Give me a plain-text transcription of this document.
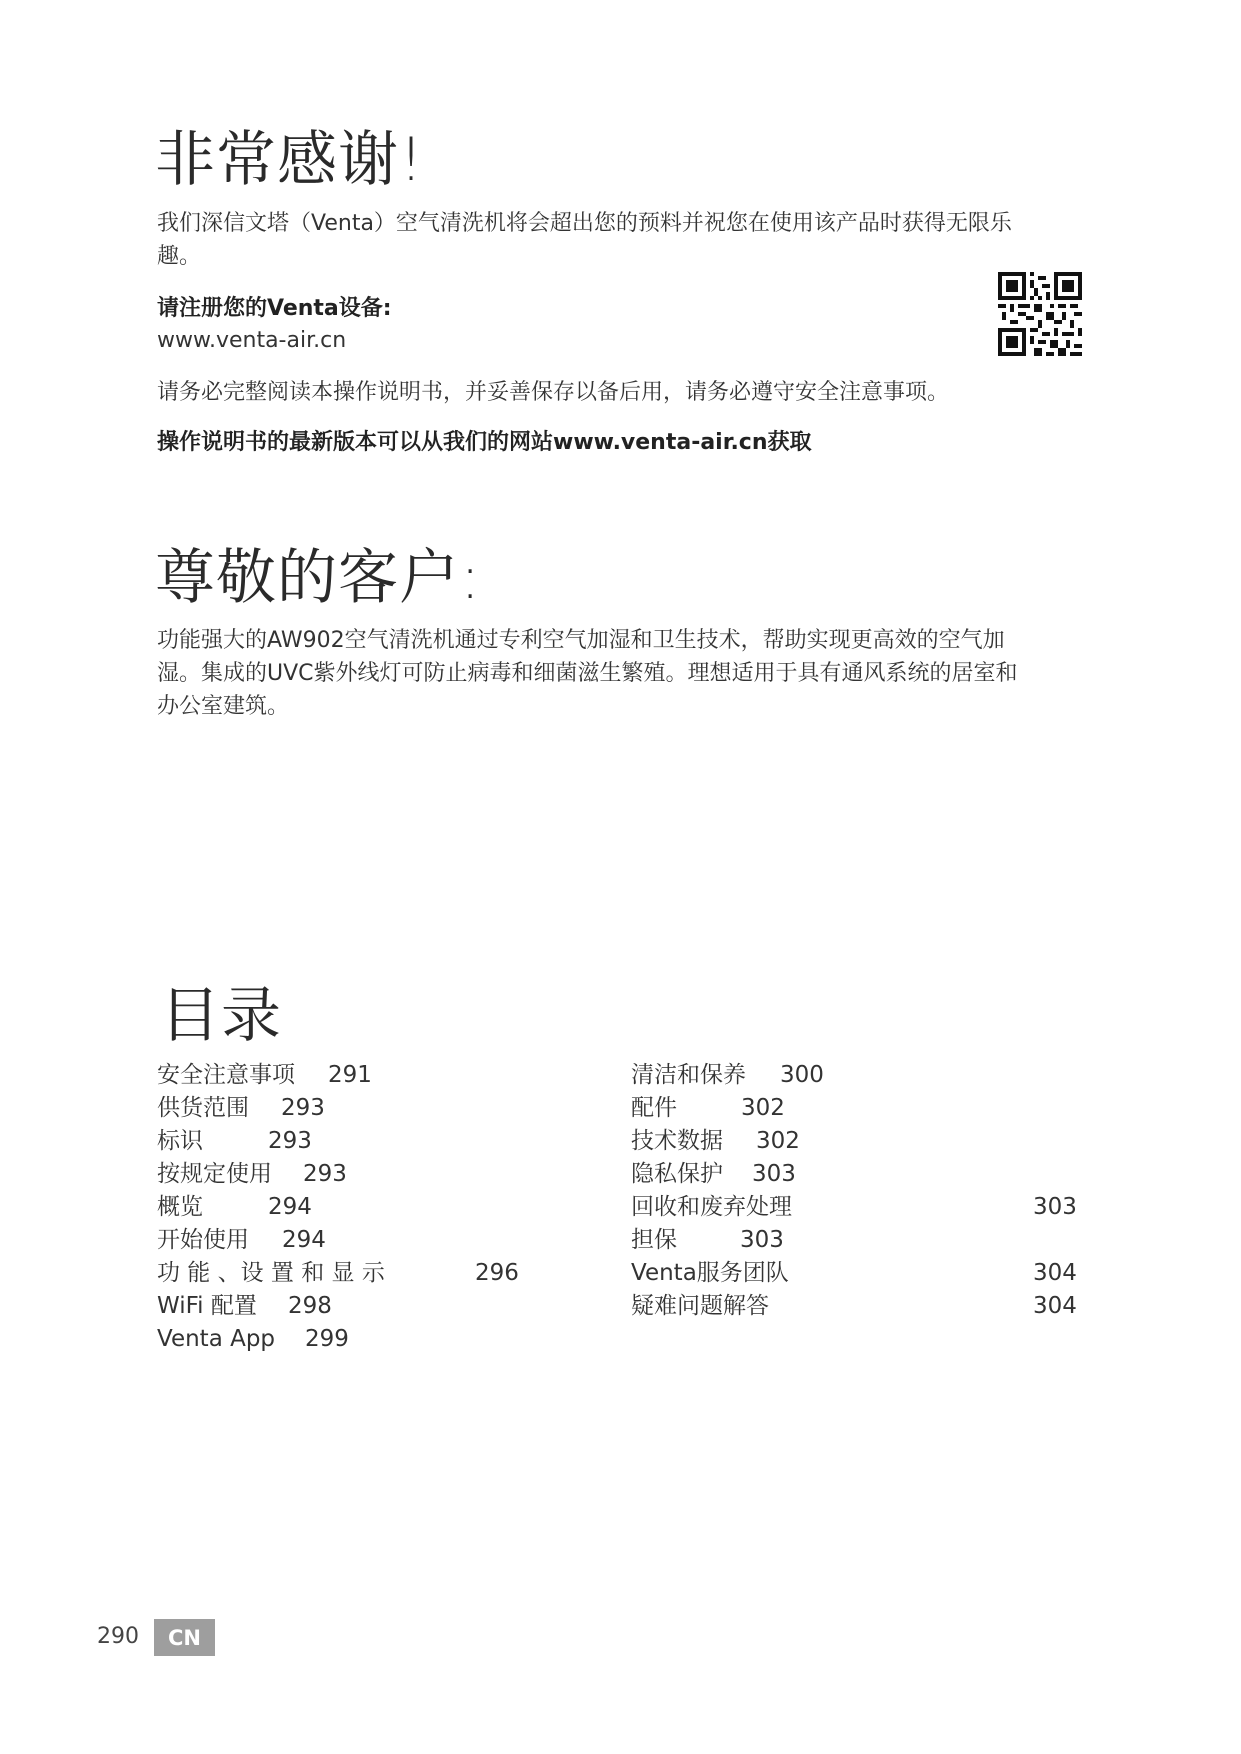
非常感谢!
我们深信文塔（Venta）空气清洗机将会超出您的预料并祝您在使用该产品时获得无限乐
趣。
请注册您的Venta设备:
www.venta-air.cn
请务必完整阅读本操作说明书，并妥善保存以备后用，请务必遵守安全注意事项。
操作说明书的最新版本可以从我们的网站www.venta-air.cn获取
尊敬的客户:
功能强大的AW902空气清洗机通过专利空气加湿和卫生技术，帮助实现更高效的空气加
湿。集成的UVC紫外线灯可防止病毒和细菌滋生繁殖。理想适用于具有通风系统的居室和
办公室建筑。
目录
安全注意事项 291
供货范围 293
标识	293
按规定使用 293
概览	294
开始使用 294
功 能 、设 置 和 显 示	296
WiFi 配置 298
Venta App 299
清洁和保养 300
配件	302
技术数据 302
隐私保护 303
回收和废弃处理	303
担保	303
Venta服务团队	304
疑难问题解答	304
290	CN
